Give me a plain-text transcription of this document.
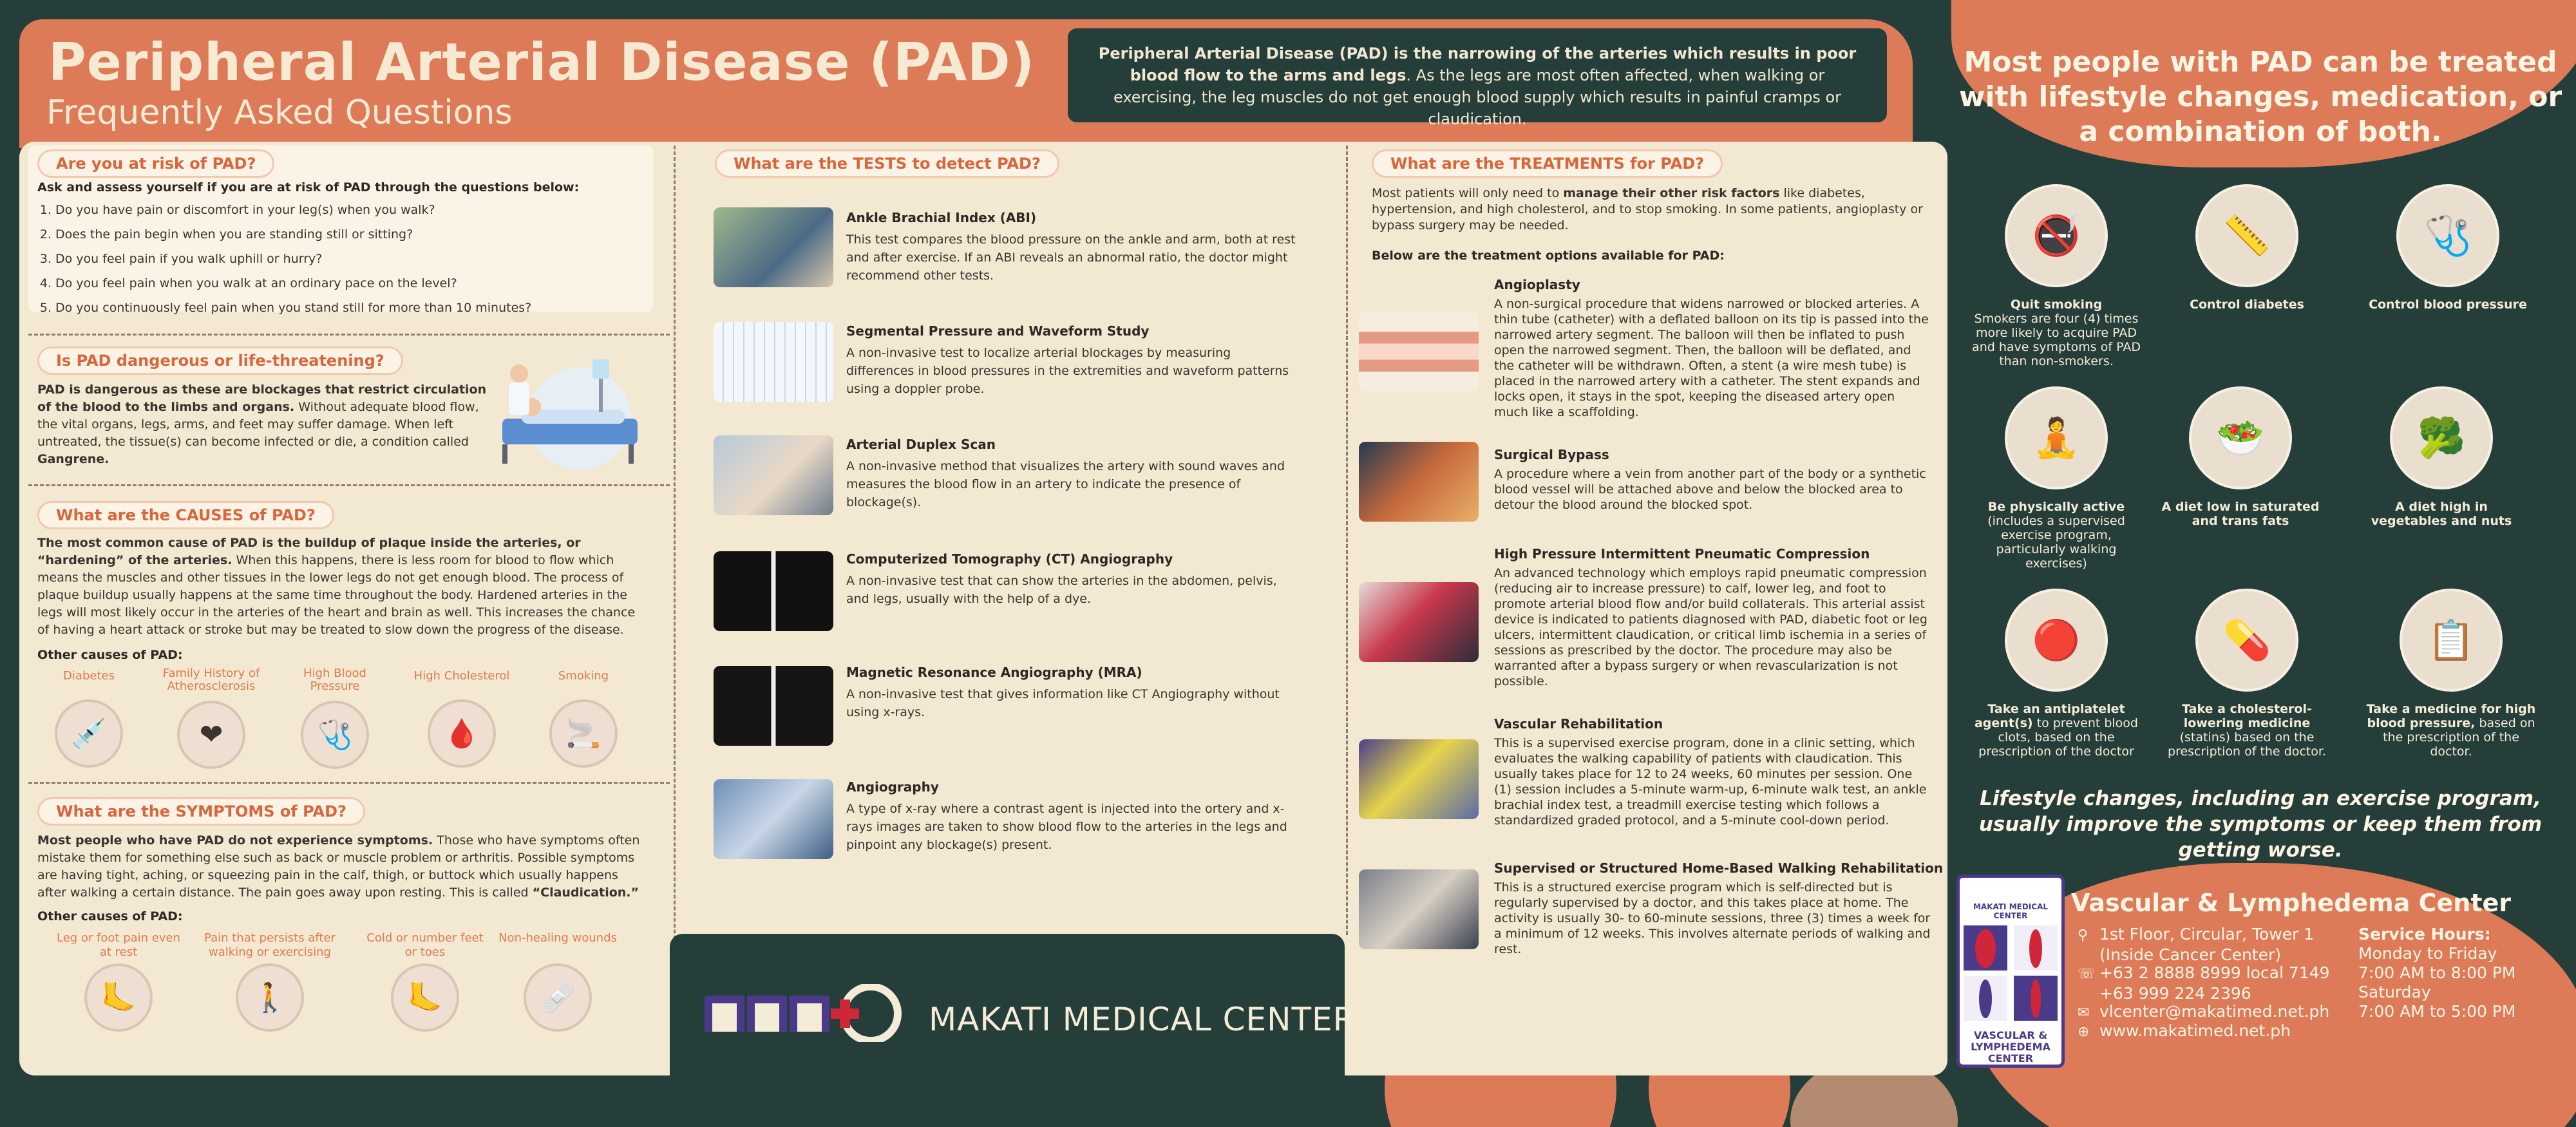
Peripheral Arterial Disease (PAD)
Frequently Asked Questions
Peripheral Arterial Disease (PAD) is the narrowing of the arteries which results in poor blood flow to the arms and legs. As the legs are most often affected, when walking or exercising, the leg muscles do not get enough blood supply which results in painful cramps or claudication.
Are you at risk of PAD?
Ask and assess yourself if you are at risk of PAD through the questions below:
1. Do you have pain or discomfort in your leg(s) when you walk?
2. Does the pain begin when you are standing still or sitting?
3. Do you feel pain if you walk uphill or hurry?
4. Do you feel pain when you walk at an ordinary pace on the level?
5. Do you continuously feel pain when you stand still for more than 10 minutes?
Is PAD dangerous or life-threatening?
PAD is dangerous as these are blockages that restrict circulation of the blood to the limbs and organs. Without adequate blood flow, the vital organs, legs, arms, and feet may suffer damage. When left untreated, the tissue(s) can become infected or die, a condition called Gangrene.
What are the CAUSES of PAD?
The most common cause of PAD is the buildup of plaque inside the arteries, or “hardening” of the arteries. When this happens, there is less room for blood to flow which means the muscles and other tissues in the lower legs do not get enough blood. The process of plaque buildup usually happens at the same time throughout the body. Hardened arteries in the legs will most likely occur in the arteries of the heart and brain as well. This increases the chance of having a heart attack or stroke but may be treated to slow down the progress of the disease.
Other causes of PAD:
Diabetes
💉
Family History of Atherosclerosis
❤
High Blood Pressure
🩺
High Cholesterol
🩸
Smoking
🚬
What are the SYMPTOMS of PAD?
Most people who have PAD do not experience symptoms. Those who have symptoms often mistake them for something else such as back or muscle problem or arthritis. Possible symptoms are having tight, aching, or squeezing pain in the calf, thigh, or buttock which usually happens after walking a certain distance. The pain goes away upon resting. This is called “Claudication.”
Other causes of PAD:
Leg or foot pain even at rest
🦶
Pain that persists after walking or exercising
🚶
Cold or number feet or toes
🦶
Non-healing wounds
🩹
What are the TESTS to detect PAD?
Ankle Brachial Index (ABI)
This test compares the blood pressure on the ankle and arm, both at rest and after exercise. If an ABI reveals an abnormal ratio, the doctor might recommend other tests.
Segmental Pressure and Waveform Study
A non-invasive test to localize arterial blockages by measuring differences in blood pressures in the extremities and waveform patterns using a doppler probe.
Arterial Duplex Scan
A non-invasive method that visualizes the artery with sound waves and measures the blood flow in an artery to indicate the presence of blockage(s).
Computerized Tomography (CT) Angiography
A non-invasive test that can show the arteries in the abdomen, pelvis, and legs, usually with the help of a dye.
Magnetic Resonance Angiography (MRA)
A non-invasive test that gives information like CT Angiography without using x-rays.
Angiography
A type of x-ray where a contrast agent is injected into the ortery and x-rays images are taken to show blood flow to the arteries in the legs and pinpoint any blockage(s) present.
MAKATI MEDICAL CENTER
What are the TREATMENTS for PAD?
Most patients will only need to manage their other risk factors like diabetes, hypertension, and high cholesterol, and to stop smoking. In some patients, angioplasty or bypass surgery may be needed.
Below are the treatment options available for PAD:
Angioplasty
A non-surgical procedure that widens narrowed or blocked arteries. A thin tube (catheter) with a deflated balloon on its tip is passed into the narrowed artery segment. The balloon will then be inflated to push open the narrowed segment. Then, the balloon will be deflated, and the catheter will be withdrawn. Often, a stent (a wire mesh tube) is placed in the narrowed artery with a catheter. The stent expands and locks open, it stays in the spot, keeping the diseased artery open much like a scaffolding.
Surgical Bypass
A procedure where a vein from another part of the body or a synthetic blood vessel will be attached above and below the blocked area to detour the blood around the blocked spot.
High Pressure Intermittent Pneumatic Compression
An advanced technology which employs rapid pneumatic compression (reducing air to increase pressure) to calf, lower leg, and foot to promote arterial blood flow and/or build collaterals. This arterial assist device is indicated to patients diagnosed with PAD, diabetic foot or leg ulcers, intermittent claudication, or critical limb ischemia in a series of sessions as prescribed by the doctor. The procedure may also be warranted after a bypass surgery or when revascularization is not possible.
Vascular Rehabilitation
This is a supervised exercise program, done in a clinic setting, which evaluates the walking capability of patients with claudication. This usually takes place for 12 to 24 weeks, 60 minutes per session. One (1) session includes a 5-minute warm-up, 6-minute walk test, an ankle brachial index test, a treadmill exercise testing which follows a standardized graded protocol, and a 5-minute cool-down period.
Supervised or Structured Home-Based Walking Rehabilitation
This is a structured exercise program which is self-directed but is regularly supervised by a doctor, and this takes place at home. The activity is usually 30- to 60-minute sessions, three (3) times a week for a minimum of 12 weeks. This involves alternate periods of walking and rest.
Most people with PAD can be treated with lifestyle changes, medication, or a combination of both.
🚭
Quit smoking
Smokers are four (4) times more likely to acquire PAD and have symptoms of PAD than non-smokers.
📏
Control diabetes
🩺
Control blood pressure
🧘
Be physically active
(includes a supervised exercise program, particularly walking exercises)
🥗
A diet low in saturated and trans fats
🥦
A diet high in vegetables and nuts
🔴
Take an antiplatelet agent(s) to prevent blood clots, based on the prescription of the doctor
💊
Take a cholesterol-lowering medicine (statins) based on the prescription of the doctor.
📋
Take a medicine for high blood pressure, based on the prescription of the doctor.
Lifestyle changes, including an exercise program, usually improve the symptoms or keep them from getting worse.
MAKATI MEDICAL CENTER
VASCULAR & LYMPHEDEMA CENTER
Vascular & Lymphedema Center
⚲ 1st Floor, Circular, Tower 1
(Inside Cancer Center)
☏ +63 2 8888 8999 local 7149
+63 999 224 2396
✉ vlcenter@makatimed.net.ph
⊕ www.makatimed.net.ph
Service Hours:
Monday to Friday
7:00 AM to 8:00 PM
Saturday
7:00 AM to 5:00 PM
